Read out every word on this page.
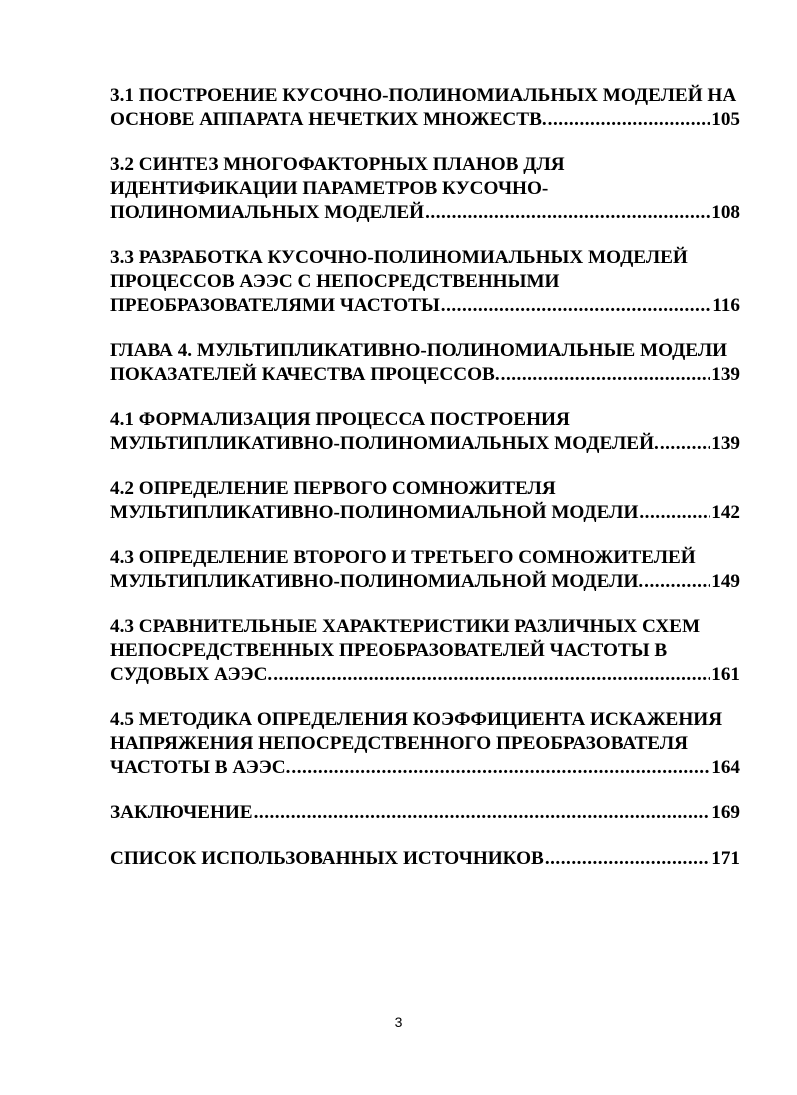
3.1 ПОСТРОЕНИЕ КУСОЧНО-ПОЛИНОМИАЛЬНЫХ МОДЕЛЕЙ НА
ОСНОВЕ АППАРАТА НЕЧЕТКИХ МНОЖЕСТВ. .....	105
3.2 СИНТЕЗ МНОГОФАКТОРНЫХ ПЛАНОВ ДЛЯ
ИДЕНТИФИКАЦИИ ПАРАМЕТРОВ КУСОЧНО-
ПОЛИНОМИАЛЬНЫХ МОДЕЛЕЙ .....	108
3.3 РАЗРАБОТКА КУСОЧНО-ПОЛИНОМИАЛЬНЫХ МОДЕЛЕЙ
ПРОЦЕССОВ АЭЭС С НЕПОСРЕДСТВЕННЫМИ
ПРЕОБРАЗОВАТЕЛЯМИ ЧАСТОТЫ .....	116
ГЛАВА 4. МУЛЬТИПЛИКАТИВНО-ПОЛИНОМИАЛЬНЫЕ МОДЕЛИ
ПОКАЗАТЕЛЕЙ КАЧЕСТВА ПРОЦЕССОВ. .....	139
4.1 ФОРМАЛИЗАЦИЯ ПРОЦЕССА ПОСТРОЕНИЯ
МУЛЬТИПЛИКАТИВНО-ПОЛИНОМИАЛЬНЫХ МОДЕЛЕЙ. .....	139
4.2 ОПРЕДЕЛЕНИЕ ПЕРВОГО СОМНОЖИТЕЛЯ
МУЛЬТИПЛИКАТИВНО-ПОЛИНОМИАЛЬНОЙ МОДЕЛИ .....	142
4.3 ОПРЕДЕЛЕНИЕ ВТОРОГО И ТРЕТЬЕГО СОМНОЖИТЕЛЕЙ
МУЛЬТИПЛИКАТИВНО-ПОЛИНОМИАЛЬНОЙ МОДЕЛИ. .....	149
4.3 СРАВНИТЕЛЬНЫЕ ХАРАКТЕРИСТИКИ РАЗЛИЧНЫХ СХЕМ
НЕПОСРЕДСТВЕННЫХ ПРЕОБРАЗОВАТЕЛЕЙ ЧАСТОТЫ В
СУДОВЫХ АЭЭС. .....	161
4.5 МЕТОДИКА ОПРЕДЕЛЕНИЯ КОЭФФИЦИЕНТА ИСКАЖЕНИЯ
НАПРЯЖЕНИЯ НЕПОСРЕДСТВЕННОГО ПРЕОБРАЗОВАТЕЛЯ
ЧАСТОТЫ В АЭЭС. .....	164
ЗАКЛЮЧЕНИЕ .....	169
СПИСОК ИСПОЛЬЗОВАННЫХ ИСТОЧНИКОВ .....	171
3
